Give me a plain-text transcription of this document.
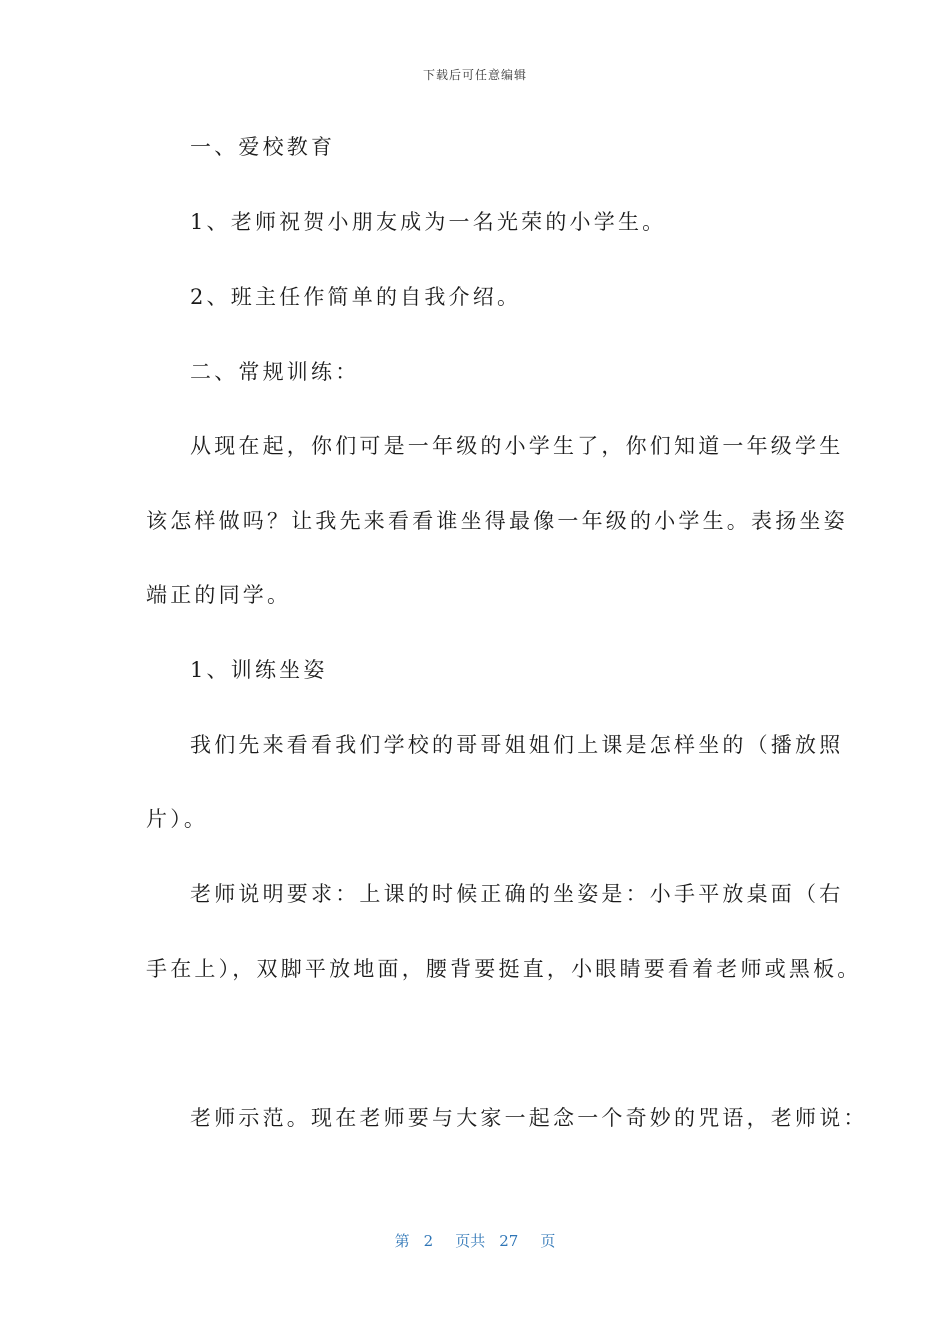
下载后可任意编辑
一、爱校教育
1、老师祝贺小朋友成为一名光荣的小学生。
2、班主任作简单的自我介绍。
二、常规训练：
从现在起，你们可是一年级的小学生了，你们知道一年级学生
该怎样做吗？让我先来看看谁坐得最像一年级的小学生。表扬坐姿
端正的同学。
1、训练坐姿
我们先来看看我们学校的哥哥姐姐们上课是怎样坐的（播放照
片）。
老师说明要求：上课的时候正确的坐姿是：小手平放桌面（右
手在上），双脚平放地面，腰背要挺直，小眼睛要看着老师或黑板。
老师示范。现在老师要与大家一起念一个奇妙的咒语，老师说：
第 2 页共 27 页
